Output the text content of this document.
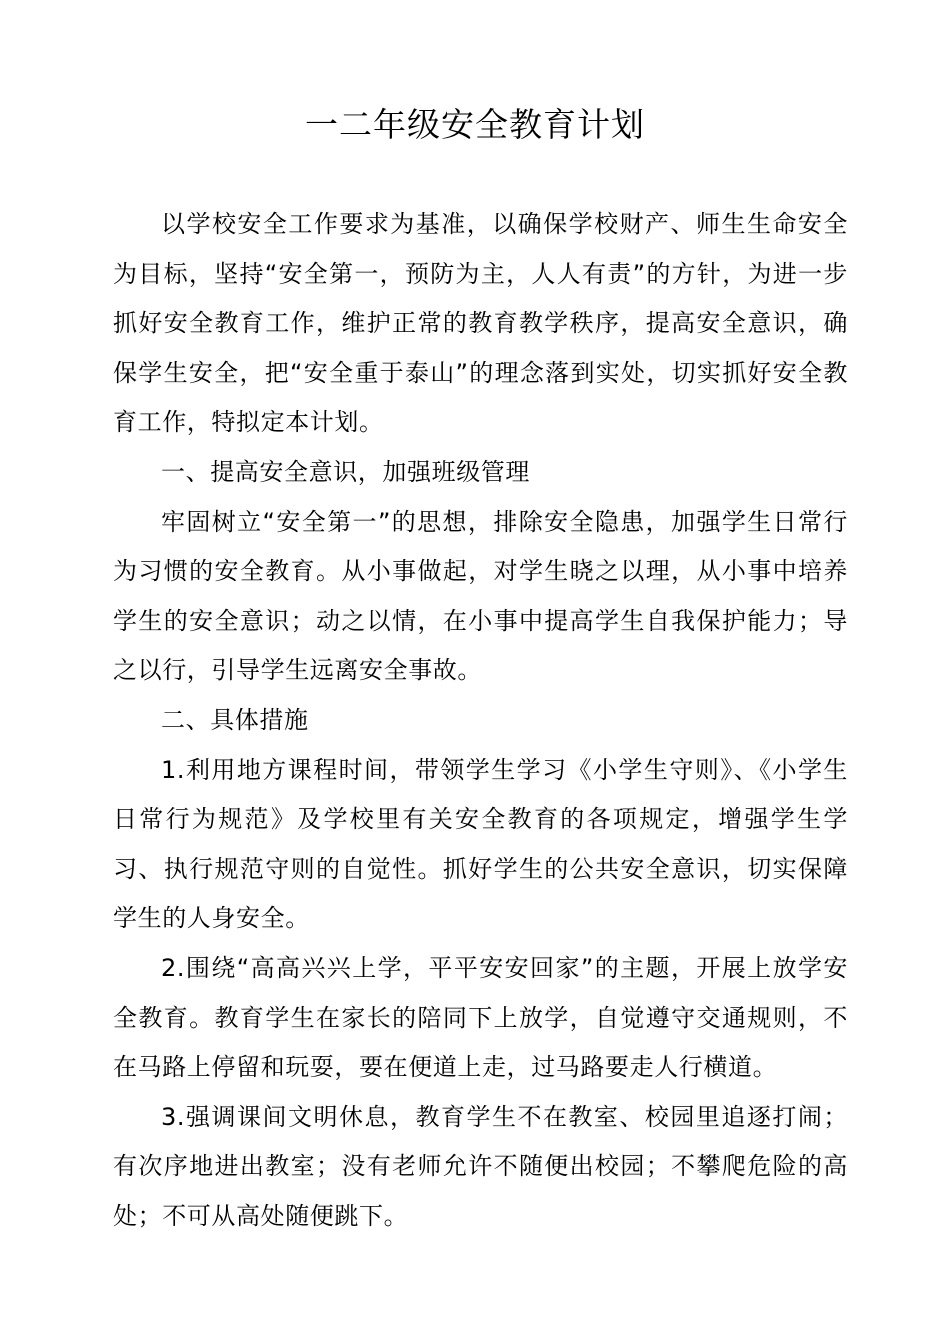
一二年级安全教育计划

以学校安全工作要求为基准，以确保学校财产、师生生命安全为目标，坚持“安全第一，预防为主，人人有责”的方针，为进一步抓好安全教育工作，维护正常的教育教学秩序，提高安全意识，确保学生安全，把“安全重于泰山”的理念落到实处，切实抓好安全教育工作，特拟定本计划。

一、提高安全意识，加强班级管理

牢固树立“安全第一”的思想，排除安全隐患，加强学生日常行为习惯的安全教育。从小事做起，对学生晓之以理，从小事中培养学生的安全意识；动之以情，在小事中提高学生自我保护能力；导之以行，引导学生远离安全事故。

二、具体措施

1.利用地方课程时间，带领学生学习《小学生守则》、《小学生日常行为规范》及学校里有关安全教育的各项规定，增强学生学习、执行规范守则的自觉性。抓好学生的公共安全意识，切实保障学生的人身安全。

2.围绕“高高兴兴上学，平平安安回家”的主题，开展上放学安全教育。教育学生在家长的陪同下上放学，自觉遵守交通规则，不在马路上停留和玩耍，要在便道上走，过马路要走人行横道。

3.强调课间文明休息，教育学生不在教室、校园里追逐打闹；有次序地进出教室；没有老师允许不随便出校园；不攀爬危险的高处；不可从高处随便跳下。
